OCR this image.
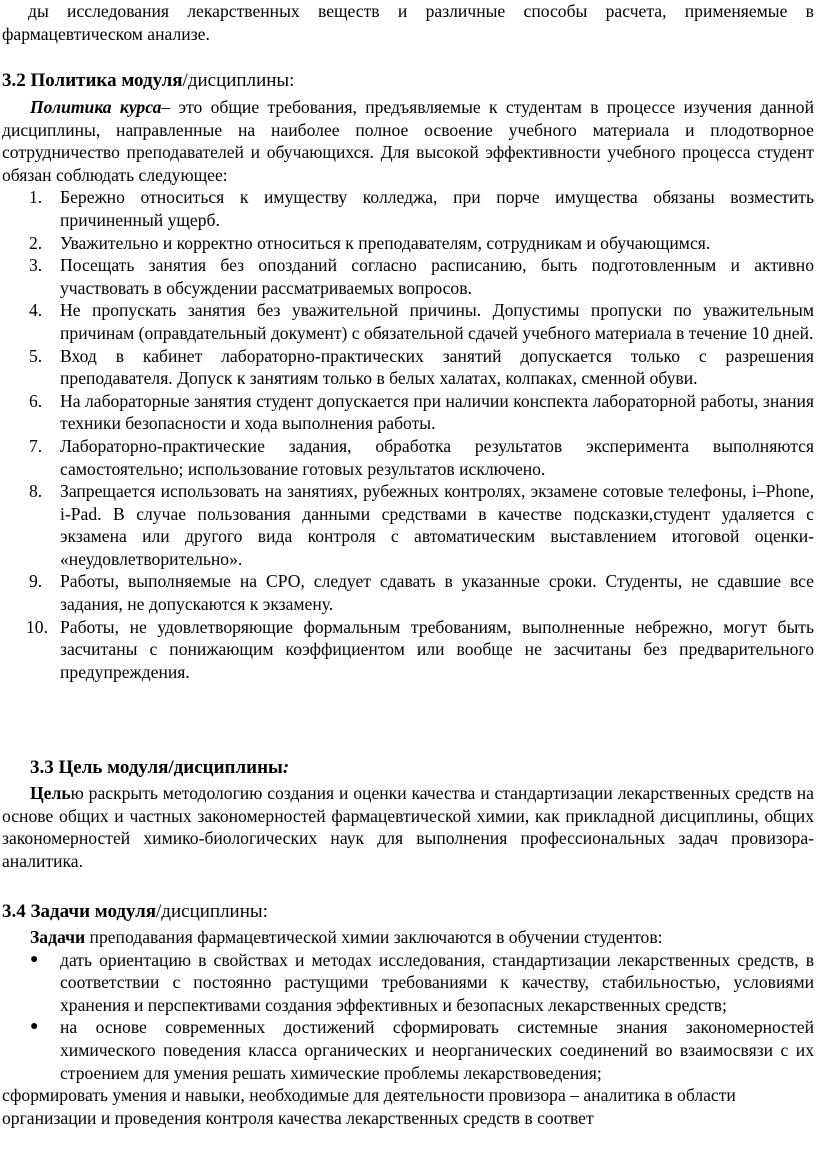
ды исследования лекарственных веществ и различные способы расчета, применяемые в

фармацевтическом анализе.

3.2 Политика модуля/дисциплины:

Политика курса– это общие требования, предъявляемые к студентам в процессе изучения данной дисциплины, направленные на наиболее полное освоение учебного материала и плодотворное сотрудничество преподавателей и обучающихся. Для высокой эффективности учебного процесса студент обязан соблюдать следующее:

1. Бережно относиться к имуществу колледжа, при порче имущества обязаны возместить причиненный ущерб.
2. Уважительно и корректно относиться к преподавателям, сотрудникам и обучающимся.
3. Посещать занятия без опозданий согласно расписанию, быть подготовленным и активно участвовать в обсуждении рассматриваемых вопросов.
4. Не пропускать занятия без уважительной причины. Допустимы пропуски по уважительным причинам (оправдательный документ) с обязательной сдачей учебного материала в течение 10 дней.
5. Вход в кабинет лабораторно-практических занятий допускается только с разрешения преподавателя. Допуск к занятиям только в белых халатах, колпаках, сменной обуви.
6. На лабораторные занятия студент допускается при наличии конспекта лабораторной работы, знания техники безопасности и хода выполнения работы.
7. Лабораторно-практические задания, обработка результатов эксперимента выполняются самостоятельно; использование готовых результатов исключено.
8. Запрещается использовать на занятиях, рубежных контролях, экзамене сотовые телефоны, i–Phone, i-Pad. В случае пользования данными средствами в качестве подсказки,студент удаляется с экзамена или другого вида контроля с автоматическим выставлением итоговой оценки- «неудовлетворительно».
9. Работы, выполняемые на СРО, следует сдавать в указанные сроки. Студенты, не сдавшие все задания, не допускаются к экзамену.
10. Работы, не удовлетворяющие формальным требованиям, выполненные небрежно, могут быть засчитаны с понижающим коэффициентом или вообще не засчитаны без предварительного предупреждения.
3.3 Цель модуля/дисциплины:

Целью раскрыть методологию создания и оценки качества и стандартизации лекарственных средств на основе общих и частных закономерностей фармацевтической химии, как прикладной дисциплины, общих закономерностей химико-биологических наук для выполнения профессиональных задач провизора-аналитика.

3.4 Задачи модуля/дисциплины:

Задачи преподавания фармацевтической химии заключаются в обучении студентов:

● дать ориентацию в свойствах и методах исследования, стандартизации лекарственных средств, в соответствии с постоянно растущими требованиями к качеству, стабильностью, условиями хранения и перспективами создания эффективных и безопасных лекарственных средств;
● на основе современных достижений сформировать системные знания закономерностей химического поведения класса органических и неорганических соединений во взаимосвязи с их строением для умения решать химические проблемы лекарствоведения;

сформировать умения и навыки, необходимые для деятельности провизора – аналитика в области организации и проведения контроля качества лекарственных средств в соответ
